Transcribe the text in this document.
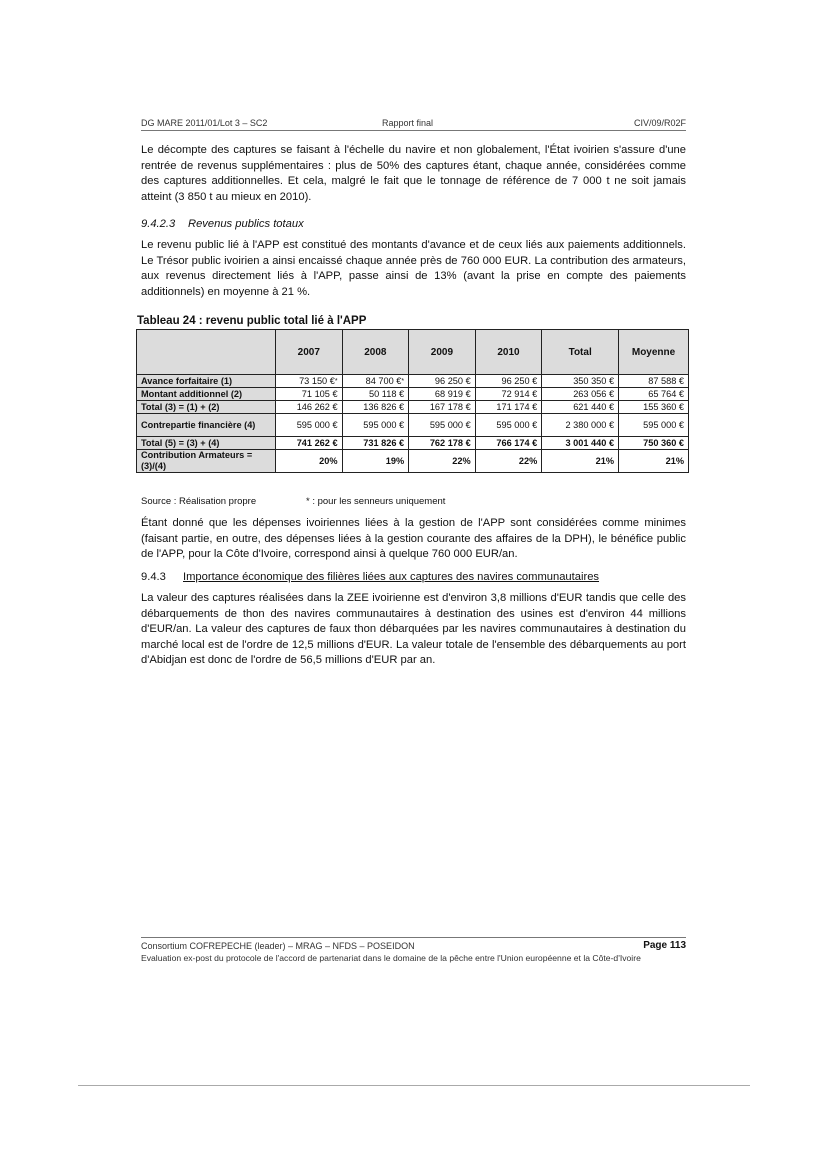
DG MARE 2011/01/Lot 3 – SC2	Rapport final	CIV/09/R02F

Le décompte des captures se faisant à l'échelle du navire et non globalement, l'État ivoirien s'assure d'une rentrée de revenus supplémentaires : plus de 50% des captures étant, chaque année, considérées comme des captures additionnelles. Et cela, malgré le fait que le tonnage de référence de 7 000 t ne soit jamais atteint (3 850 t au mieux en 2010).

9.4.2.3 Revenus publics totaux

Le revenu public lié à l'APP est constitué des montants d'avance et de ceux liés aux paiements additionnels. Le Trésor public ivoirien a ainsi encaissé chaque année près de 760 000 EUR. La contribution des armateurs, aux revenus directement liés à l'APP, passe ainsi de 13% (avant la prise en compte des paiements additionnels) en moyenne à 21 %.

Tableau 24 : revenu public total lié à l'APP
	2007	2008	2009	2010	Total	Moyenne
Avance forfaitaire (1)	73 150 €*	84 700 €*	96 250 €	96 250 €	350 350 €	87 588 €
Montant additionnel (2)	71 105 €	50 118 €	68 919 €	72 914 €	263 056 €	65 764 €
Total (3) = (1) + (2)	146 262 €	136 826 €	167 178 €	171 174 €	621 440 €	155 360 €
Contrepartie financière (4)	595 000 €	595 000 €	595 000 €	595 000 €	2 380 000 €	595 000 €
Total (5) = (3) + (4)	741 262 €	731 826 €	762 178 €	766 174 €	3 001 440 €	750 360 €
Contribution Armateurs = (3)/(4)	20%	19%	22%	22%	21%	21%
Source : Réalisation propre	* : pour les senneurs uniquement

Étant donné que les dépenses ivoiriennes liées à la gestion de l'APP sont considérées comme minimes (faisant partie, en outre, des dépenses liées à la gestion courante des affaires de la DPH), le bénéfice public de l'APP, pour la Côte d'Ivoire, correspond ainsi à quelque 760 000 EUR/an.

9.4.3 Importance économique des filières liées aux captures des navires communautaires

La valeur des captures réalisées dans la ZEE ivoirienne est d'environ 3,8 millions d'EUR tandis que celle des débarquements de thon des navires communautaires à destination des usines est d'environ 44 millions d'EUR/an. La valeur des captures de faux thon débarquées par les navires communautaires à destination du marché local est de l'ordre de 12,5 millions d'EUR. La valeur totale de l'ensemble des débarquements au port d'Abidjan est donc de l'ordre de 56,5 millions d'EUR par an.

Consortium COFREPECHE (leader) – MRAG – NFDS – POSEIDON	Page 113
Evaluation ex-post du protocole de l'accord de partenariat dans le domaine de la pêche entre l'Union européenne et la Côte-d'Ivoire
